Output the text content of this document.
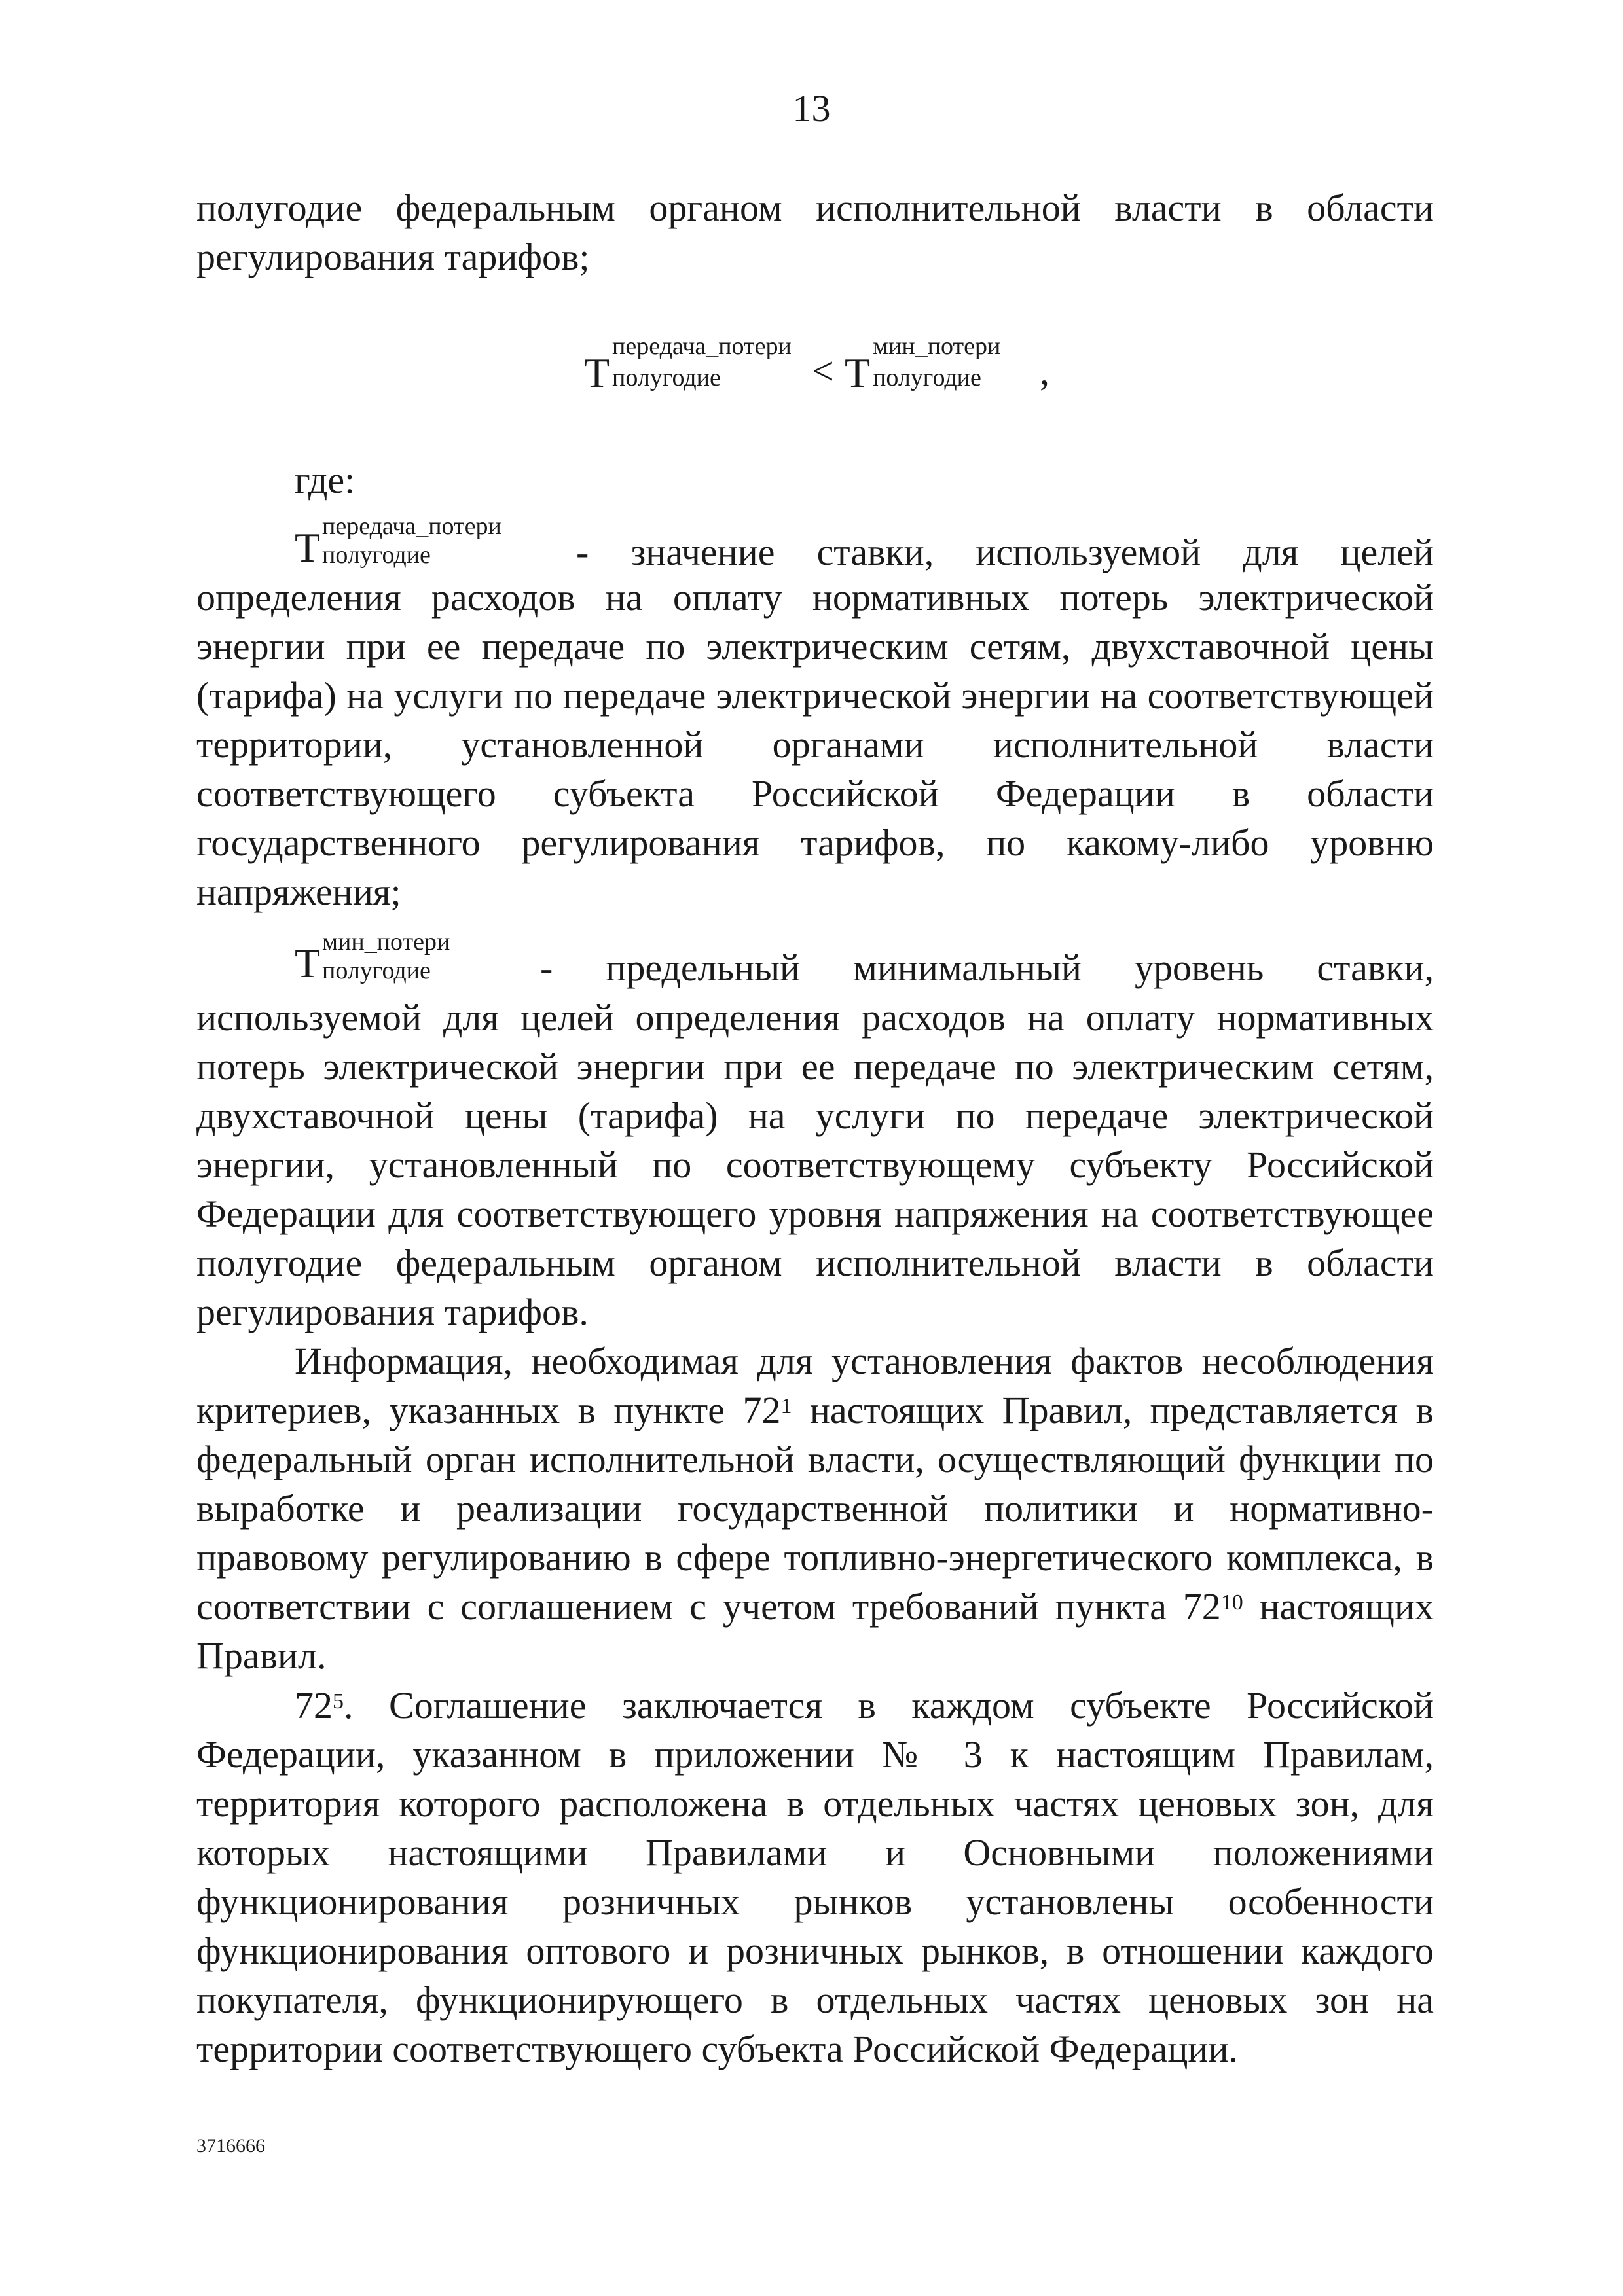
13

полугодие федеральным органом исполнительной власти в области регулирования тарифов;

Т
передача_потери
полугодие < Т
мин_потери
полугодие ,
где:
Т передача_потери
полугодие	- значение ставки, используемой для целей

определения расходов на оплату нормативных потерь электрической энергии при ее передаче по электрическим сетям, двухставочной цены (тарифа) на услуги по передаче электрической энергии на соответствующей территории, установленной органами исполнительной власти соответствующего субъекта Российской Федерации в области государственного регулирования тарифов, по какому-либо уровню напряжения;

Т мин_потери
полугодие	- предельный минимальный уровень ставки,

используемой для целей определения расходов на оплату нормативных потерь электрической энергии при ее передаче по электрическим сетям, двухставочной цены (тарифа) на услуги по передаче электрической энергии, установленный по соответствующему субъекту Российской Федерации для соответствующего уровня напряжения на соответствующее полугодие федеральным органом исполнительной власти в области регулирования тарифов.

Информация, необходимая для установления фактов несоблюдения критериев, указанных в пункте $72^1$ настоящих Правил, представляется в федеральный орган исполнительной власти, осуществляющий функции по выработке и реализации государственной политики и нормативно-правовому регулированию в сфере топливно-энергетического комплекса, в соответствии с соглашением с учетом требований пункта $72^{10}$ настоящих Правил.

$72^5$. Соглашение заключается в каждом субъекте Российской Федерации, указанном в приложении № 3 к настоящим Правилам, территория которого расположена в отдельных частях ценовых зон, для которых настоящими Правилами и Основными положениями функционирования розничных рынков установлены особенности функционирования оптового и розничных рынков, в отношении каждого покупателя, функционирующего в отдельных частях ценовых зон на территории соответствующего субъекта Российской Федерации.

3716666
